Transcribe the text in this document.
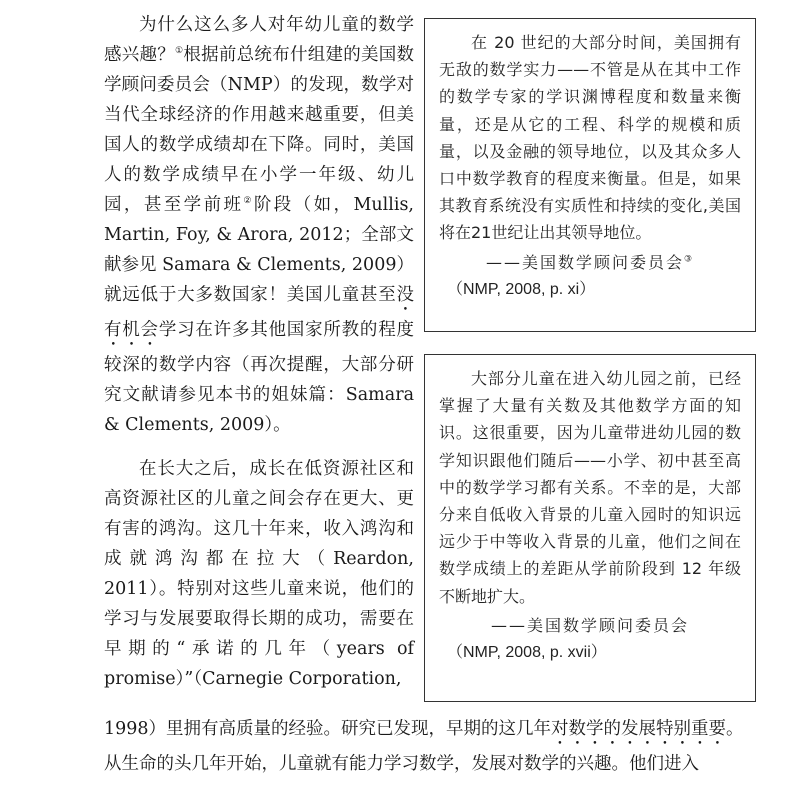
为什么这么多人对年幼儿童的数学感兴趣？①根据前总统布什组建的美国数学顾问委员会（NMP）的发现，数学对当代全球经济的作用越来越重要，但美国人的数学成绩却在下降。同时，美国人的数学成绩早在小学一年级、幼儿园，甚至学前班②阶段（如，Mullis, Martin, Foy, & Arora, 2012；全部文献参见 Samara & Clements, 2009）就远低于大多数国家！美国儿童甚至没有机会学习在许多其他国家所教的程度较深的数学内容（再次提醒，大部分研究文献请参见本书的姐妹篇：Samara & Clements, 2009）。

在长大之后，成长在低资源社区和高资源社区的儿童之间会存在更大、更有害的鸿沟。这几十年来，收入鸿沟和成就鸿沟都在拉大（Reardon, 2011）。特别对这些儿童来说，他们的学习与发展要取得长期的成功，需要在早期的“承诺的几年（years of promise）”（Carnegie Corporation,

在 20 世纪的大部分时间，美国拥有无敌的数学实力——不管是从在其中工作的数学专家的学识渊博程度和数量来衡量，还是从它的工程、科学的规模和质量，以及金融的领导地位，以及其众多人口中数学教育的程度来衡量。但是，如果其教育系统没有实质性和持续的变化,美国将在21世纪让出其领导地位。

——美国数学顾问委员会③

（NMP, 2008, p. xi）

大部分儿童在进入幼儿园之前，已经掌握了大量有关数及其他数学方面的知识。这很重要，因为儿童带进幼儿园的数学知识跟他们随后——小学、初中甚至高中的数学学习都有关系。不幸的是，大部分来自低收入背景的儿童入园时的知识远远少于中等收入背景的儿童，他们之间在数学成绩上的差距从学前阶段到 12 年级不断地扩大。

——美国数学顾问委员会

（NMP, 2008, p. xvii）

1998）里拥有高质量的经验。研究已发现，早期的这几年对数学的发展特别重要。

从生命的头几年开始，儿童就有能力学习数学，发展对数学的兴趣。他们进入
